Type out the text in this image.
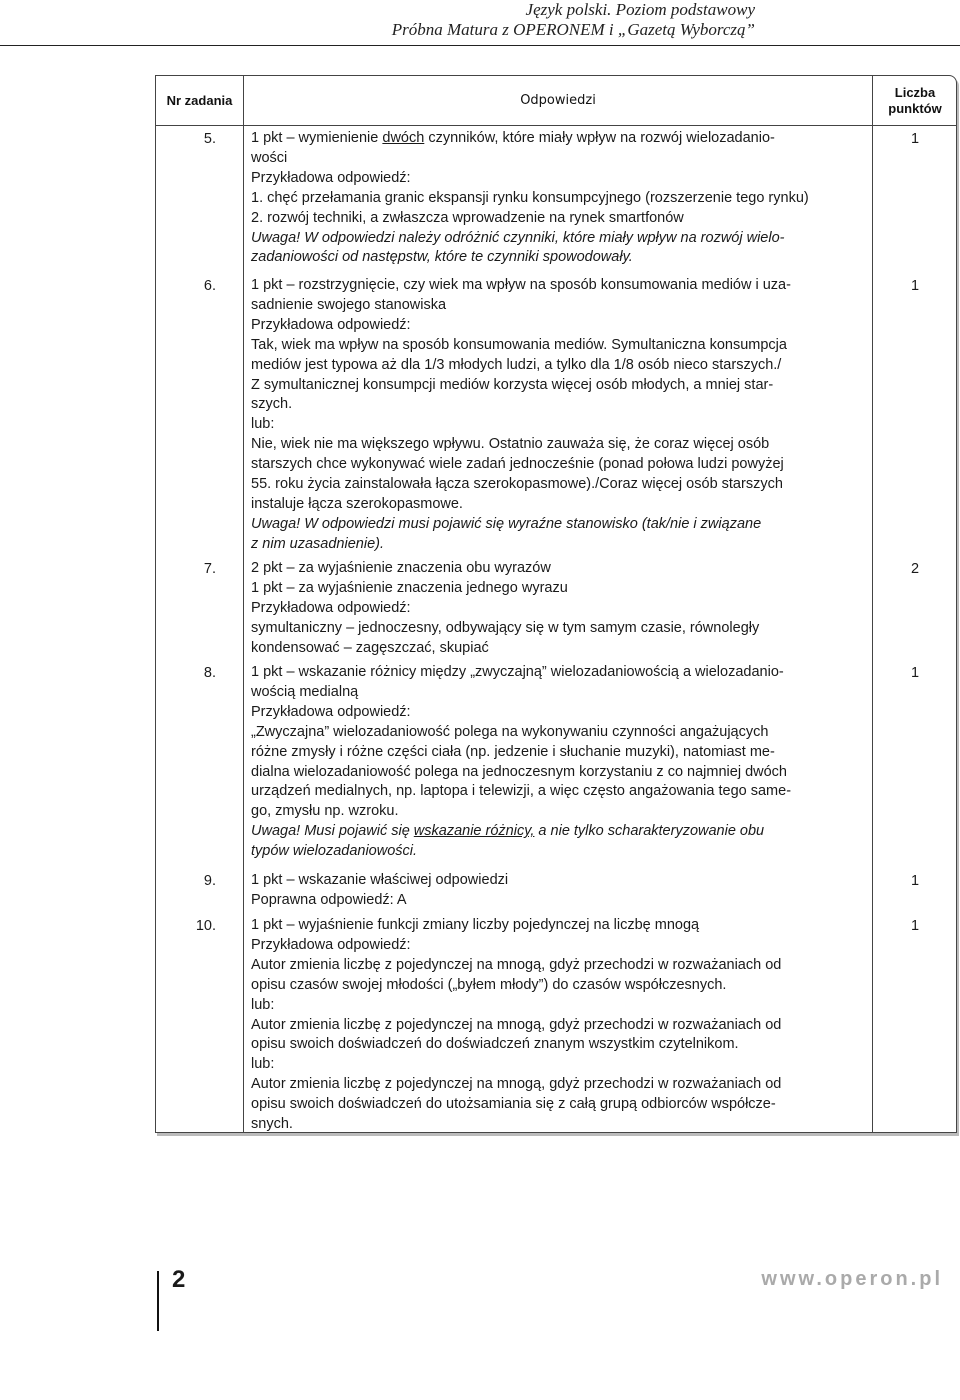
Język polski. Poziom podstawowy
Próbna Matura z OPERONEM i „Gazetą Wyborczą”
Nr zadania	Odpowiedzi
Liczba
punktów
5. 1 pkt – wymienienie dwóch czynników, które miały wpływ na rozwój wielozadanio-
wości
Przykładowa odpowiedź:
1. chęć przełamania granic ekspansji rynku konsumpcyjnego (rozszerzenie tego rynku)
2. rozwój techniki, a zwłaszcza wprowadzenie na rynek smartfonów
Uwaga! W odpowiedzi należy odróżnić czynniki, które miały wpływ na rozwój wielo-
zadaniowości od następstw, które te czynniki spowodowały.
1
6. 1 pkt – rozstrzygnięcie, czy wiek ma wpływ na sposób konsumowania mediów i uza-
sadnienie swojego stanowiska
Przykładowa odpowiedź:
Tak, wiek ma wpływ na sposób konsumowania mediów. Symultaniczna konsumpcja
mediów jest typowa aż dla 1/3 młodych ludzi, a tylko dla 1/8 osób nieco starszych./
Z symultanicznej konsumpcji mediów korzysta więcej osób młodych, a mniej star-
szych.
lub:
Nie, wiek nie ma większego wpływu. Ostatnio zauważa się, że coraz więcej osób
starszych chce wykonywać wiele zadań jednocześnie (ponad połowa ludzi powyżej
55. roku życia zainstalowała łącza szerokopasmowe)./Coraz więcej osób starszych
instaluje łącza szerokopasmowe.
Uwaga! W odpowiedzi musi pojawić się wyraźne stanowisko (tak/nie i związane
z nim uzasadnienie).
1
7. 2 pkt – za wyjaśnienie znaczenia obu wyrazów
1 pkt – za wyjaśnienie znaczenia jednego wyrazu
Przykładowa odpowiedź:
symultaniczny – jednoczesny, odbywający się w tym samym czasie, równoległy
kondensować – zagęszczać, skupiać
2
8. 1 pkt – wskazanie różnicy między „zwyczajną” wielozadaniowością a wielozadanio-
wością medialną
Przykładowa odpowiedź:
„Zwyczajna” wielozadaniowość polega na wykonywaniu czynności angażujących
różne zmysły i różne części ciała (np. jedzenie i słuchanie muzyki), natomiast me-
dialna wielozadaniowość polega na jednoczesnym korzystaniu z co najmniej dwóch
urządzeń medialnych, np. laptopa i telewizji, a więc często angażowania tego same-
go, zmysłu np. wzroku.
Uwaga! Musi pojawić się wskazanie różnicy, a nie tylko scharakteryzowanie obu
typów wielozadaniowości.
1
9. 1 pkt – wskazanie właściwej odpowiedzi
Poprawna odpowiedź: A
1
10. 1 pkt – wyjaśnienie funkcji zmiany liczby pojedynczej na liczbę mnogą
Przykładowa odpowiedź:
Autor zmienia liczbę z pojedynczej na mnogą, gdyż przechodzi w rozważaniach od
opisu czasów swojej młodości („byłem młody”) do czasów współczesnych.
lub:
Autor zmienia liczbę z pojedynczej na mnogą, gdyż przechodzi w rozważaniach od
opisu swoich doświadczeń do doświadczeń znanym wszystkim czytelnikom.
lub:
Autor zmienia liczbę z pojedynczej na mnogą, gdyż przechodzi w rozważaniach od
opisu swoich doświadczeń do utożsamiania się z całą grupą odbiorców współcze-
snych.
1
2	www.operon.pl
